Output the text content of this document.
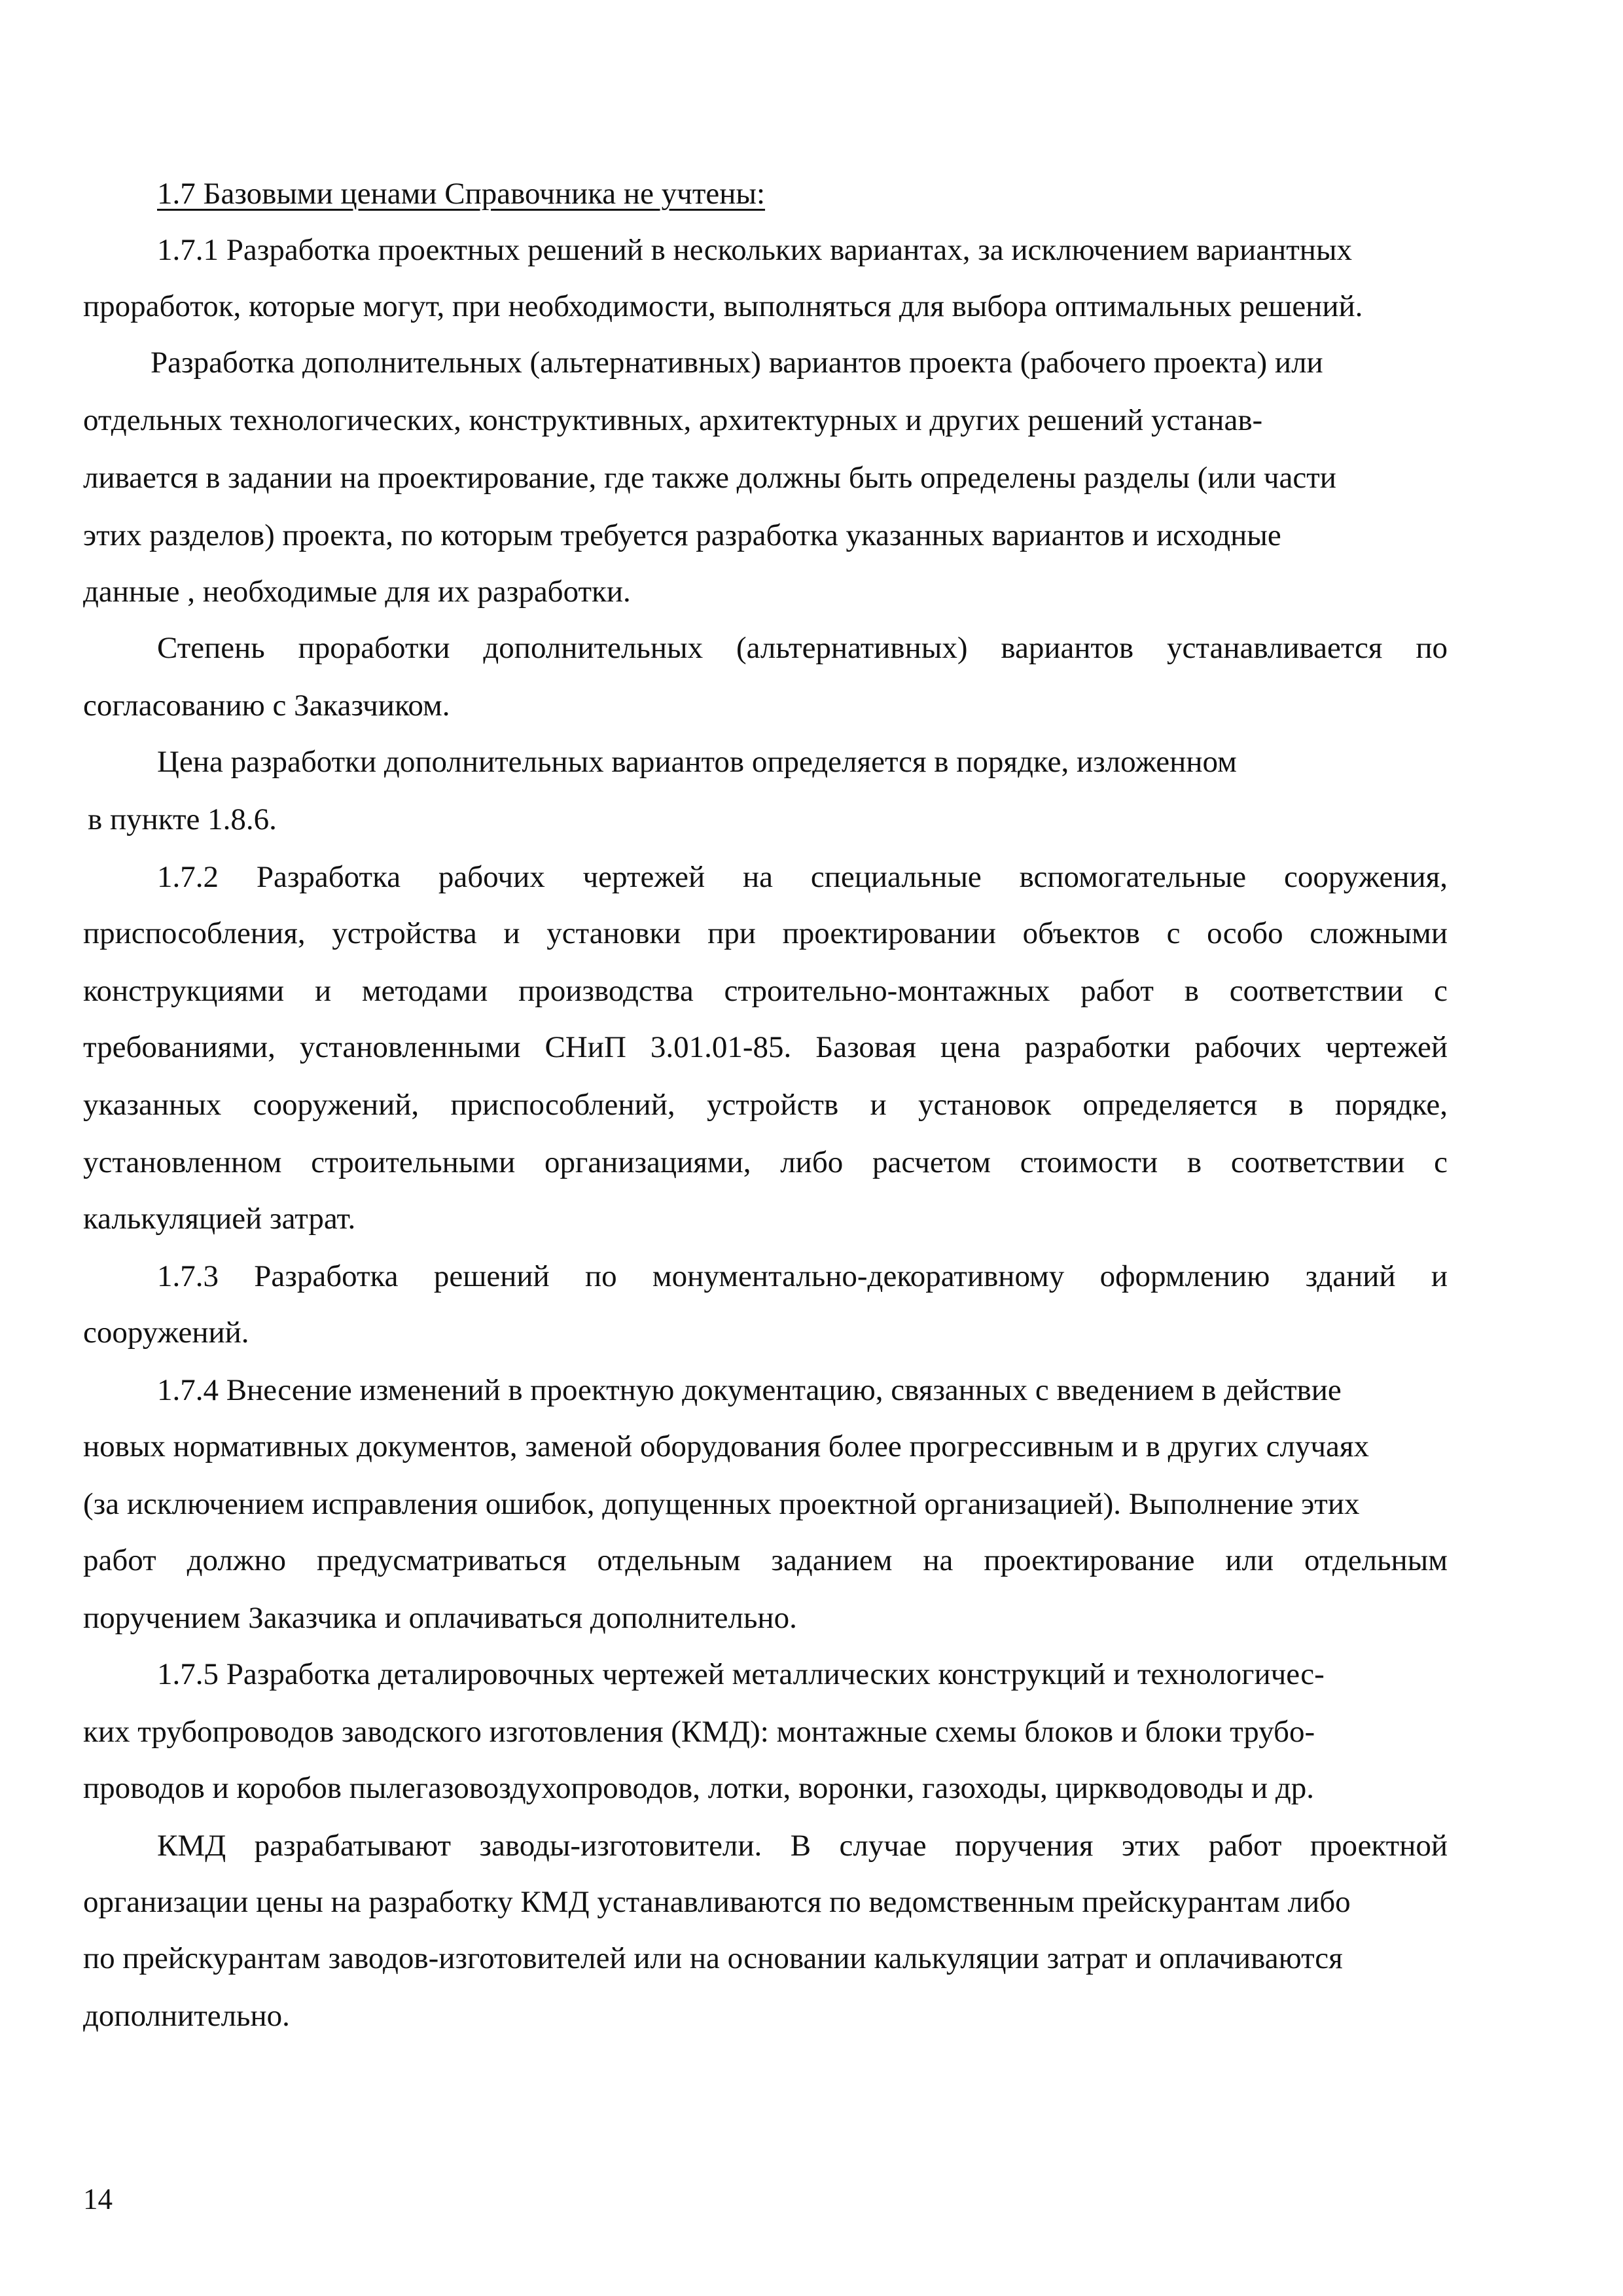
1.7 Базовыми ценами Справочника не учтены:
1.7.1 Разработка проектных решений в нескольких вариантах, за исключением вариантных
проработок, которые могут, при необходимости, выполняться для выбора оптимальных решений.
Разработка дополнительных (альтернативных) вариантов проекта (рабочего проекта) или
отдельных технологических, конструктивных, архитектурных и других решений устанав-
ливается в задании на проектирование, где также должны быть определены разделы (или части
этих разделов) проекта, по которым требуется разработка указанных вариантов и исходные
данные , необходимые для их разработки.
Степень проработки дополнительных (альтернативных) вариантов устанавливается по
согласованию с Заказчиком.
Цена разработки дополнительных вариантов определяется в порядке, изложенном
в пункте 1.8.6.
1.7.2 Разработка рабочих чертежей на специальные вспомогательные сооружения,
приспособления, устройства и установки при проектировании объектов с особо сложными
конструкциями и методами производства строительно-монтажных работ в соответствии с
требованиями, установленными СНиП 3.01.01-85. Базовая цена разработки рабочих чертежей
указанных сооружений, приспособлений, устройств и установок определяется в порядке,
установленном строительными организациями, либо расчетом стоимости в соответствии с
калькуляцией затрат.
1.7.3 Разработка решений по монументально-декоративному оформлению зданий и
сооружений.
1.7.4 Внесение изменений в проектную документацию, связанных с введением в действие
новых нормативных документов, заменой оборудования более прогрессивным и в других случаях
(за исключением исправления ошибок, допущенных проектной организацией). Выполнение этих
работ должно предусматриваться отдельным заданием на проектирование или отдельным
поручением Заказчика и оплачиваться дополнительно.
1.7.5 Разработка деталировочных чертежей металлических конструкций и технологичес-
ких трубопроводов заводского изготовления (КМД): монтажные схемы блоков и блоки трубо-
проводов и коробов пылегазовоздухопроводов, лотки, воронки, газоходы, циркводоводы и др.
КМД разрабатывают заводы-изготовители. В случае поручения этих работ проектной
организации цены на разработку КМД устанавливаются по ведомственным прейскурантам либо
по прейскурантам заводов-изготовителей или на основании калькуляции затрат и оплачиваются
дополнительно.
14
